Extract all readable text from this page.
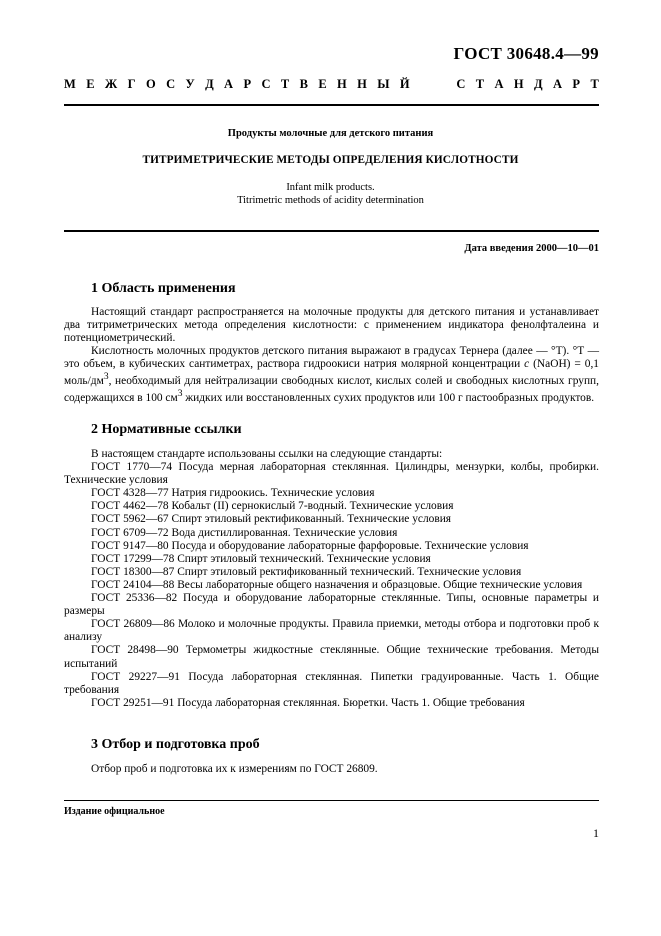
ГОСТ 30648.4—99
М Е Ж Г О С У Д А Р С Т В Е Н Н Ы Й	С Т А Н Д А Р Т
Продукты молочные для детского питания
ТИТРИМЕТРИЧЕСКИЕ МЕТОДЫ ОПРЕДЕЛЕНИЯ КИСЛОТНОСТИ
Infant milk products.
Titrimetric methods of acidity determination
Дата введения 2000—10—01
1 Область применения

Настоящий стандарт распространяется на молочные продукты для детского питания и устанавливает два титриметрических метода определения кислотности: с применением индикатора фенолфталеина и потенциометрический.

Кислотность молочных продуктов детского питания выражают в градусах Тернера (далее — °Т). °Т — это объем, в кубических сантиметрах, раствора гидроокиси натрия молярной концентрации c (NaOH) = 0,1 моль/$дм^3$, необходимый для нейтрализации свободных кислот, кислых солей и свободных кислотных групп, содержащихся в 100 $см^3$ жидких или восстановленных сухих продуктов или 100 г пастообразных продуктов.

2 Нормативные ссылки
В настоящем стандарте использованы ссылки на следующие стандарты:
ГОСТ 1770—74 Посуда мерная лабораторная стеклянная. Цилиндры, мензурки, колбы, пробирки. Технические условия
ГОСТ 4328—77 Натрия гидроокись. Технические условия
ГОСТ 4462—78 Кобальт (II) сернокислый 7-водный. Технические условия
ГОСТ 5962—67 Спирт этиловый ректификованный. Технические условия
ГОСТ 6709—72 Вода дистиллированная. Технические условия
ГОСТ 9147—80 Посуда и оборудование лабораторные фарфоровые. Технические условия
ГОСТ 17299—78 Спирт этиловый технический. Технические условия
ГОСТ 18300—87 Спирт этиловый ректификованный технический. Технические условия
ГОСТ 24104—88 Весы лабораторные общего назначения и образцовые. Общие технические условия
ГОСТ 25336—82 Посуда и оборудование лабораторные стеклянные. Типы, основные параметры и размеры
ГОСТ 26809—86 Молоко и молочные продукты. Правила приемки, методы отбора и подготовки проб к анализу
ГОСТ 28498—90 Термометры жидкостные стеклянные. Общие технические требования. Методы испытаний
ГОСТ 29227—91 Посуда лабораторная стеклянная. Пипетки градуированные. Часть 1. Общие требования
ГОСТ 29251—91 Посуда лабораторная стеклянная. Бюретки. Часть 1. Общие требования
3 Отбор и подготовка проб

Отбор проб и подготовка их к измерениям по ГОСТ 26809.

Издание официальное
1
